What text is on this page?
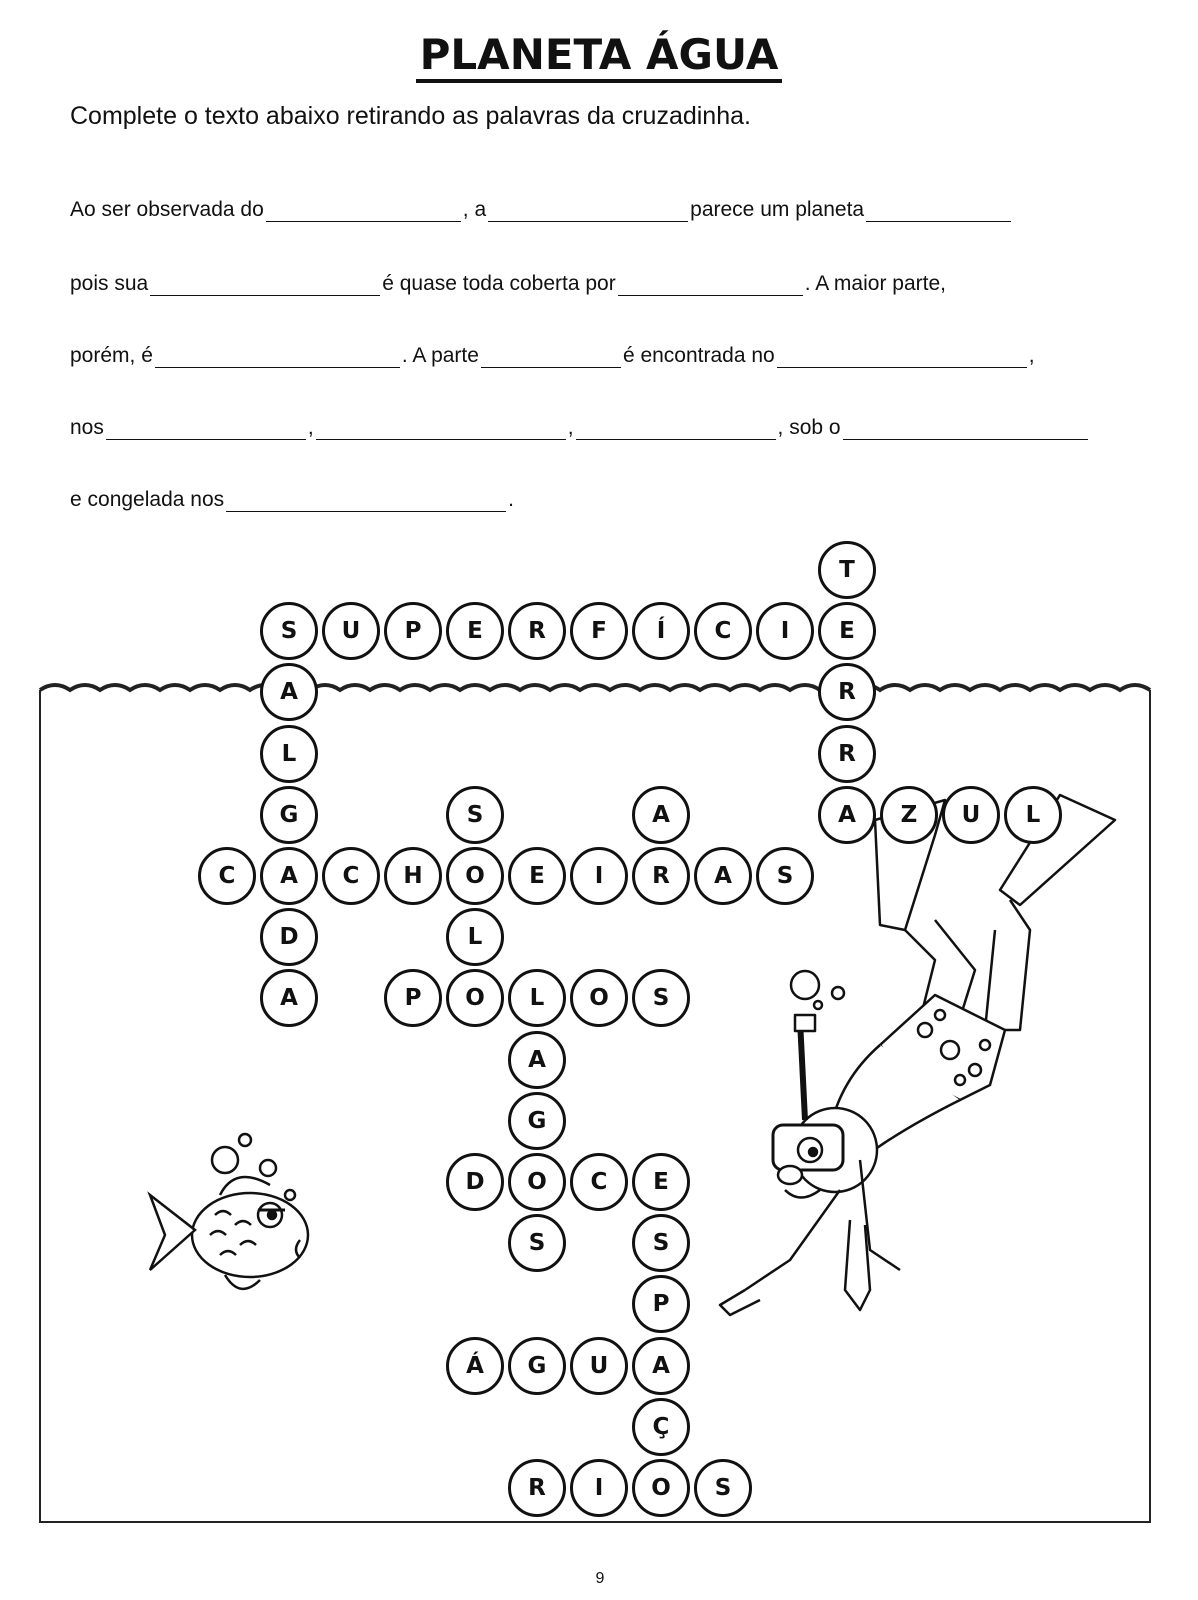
PLANETA ÁGUA

Complete o texto abaixo retirando as palavras da cruzadinha.

Ao ser observada do	, a	parece um planeta
pois sua	é quase toda coberta por	. A maior parte,
porém, é	. A parte	é encontrada no	,
nos	,	,	, sob o
e congelada nos	.
S	U	P	E	R	F	Í	C	I	E
T
R
R
A	Z	U	L
A
L
G
A
D
A
C	C	H	O	E	I	R	A	S
S
L
O
A
P	L	O	S
A
G
O
S
D	C	E
S
P
A
Ç
O
Á	G	U
R	I	S
9
